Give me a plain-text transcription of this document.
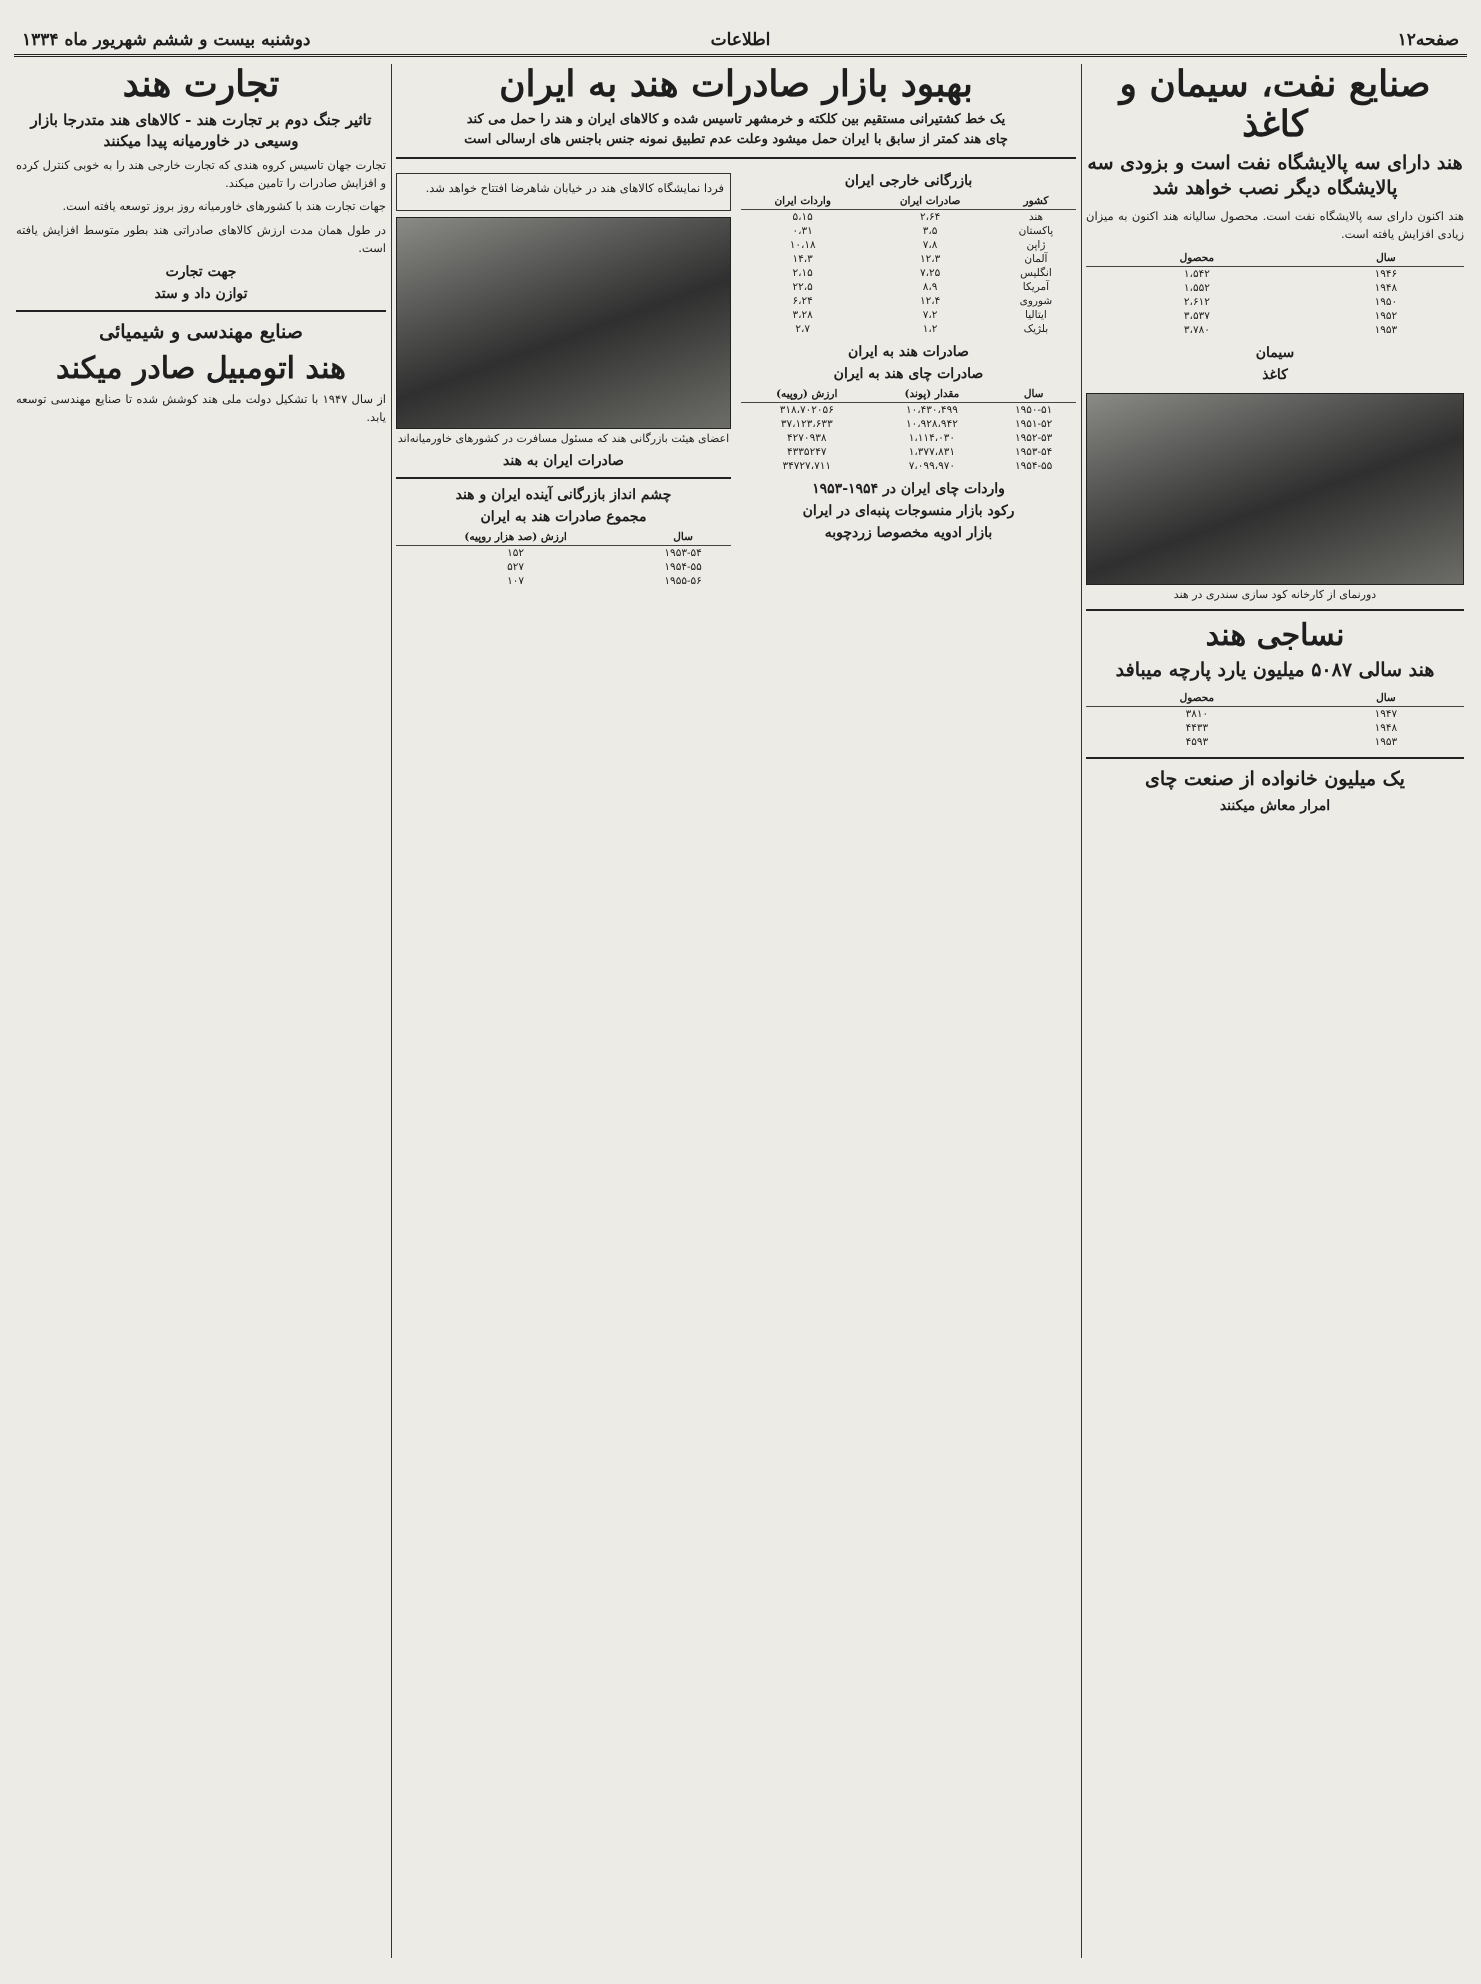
صفحه۱۲
اطلاعات
دوشنبه بیست و ششم شهریور ماه ۱۳۳۴
صنایع نفت، سیمان و کاغذ
هند دارای سه پالایشگاه نفت است و بزودی سه پالایشگاه دیگر نصب خواهد شد

هند اکنون دارای سه پالایشگاه نفت است. محصول سالیانه هند اکنون به میزان زیادی افزایش یافته است.

سال	محصول
۱۹۴۶	۱،۵۴۲
۱۹۴۸	۱،۵۵۲
۱۹۵۰	۲،۶۱۲
۱۹۵۲	۳،۵۳۷
۱۹۵۳	۳،۷۸۰
سیمان
کاغذ
دورنمای از کارخانه کود سازی سندری در هند
نساجی هند
هند سالی ۵۰۸۷ میلیون یارد پارچه میبافد
سال	محصول
۱۹۴۷	۳۸۱۰
۱۹۴۸	۴۴۳۳
۱۹۵۳	۴۵۹۳
یک میلیون خانواده از صنعت چای
امرار معاش میکنند
بهبود بازار صادرات هند به ایران
یک خط کشتیرانی مستقیم بین کلکته و خرمشهر تاسیس شده و کالاهای ایران و هند را حمل می کند
چای هند کمتر از سابق با ایران حمل میشود وعلت عدم تطبیق نمونه جنس باجنس های ارسالی است
بازرگانی خارجی ایران
کشور	صادرات ایران	واردات ایران
هند	۲،۶۴	۵،۱۵
پاکستان	۳،۵	۰،۳۱
ژاپن	۷،۸	۱۰،۱۸
آلمان	۱۲،۳	۱۴،۳
انگلیس	۷،۲۵	۲،۱۵
آمریکا	۸،۹	۲۲،۵
شوروی	۱۲،۴	۶،۲۴
ایتالیا	۷،۲	۳،۲۸
بلژیک	۱،۲	۲،۷
صادرات هند به ایران
صادرات چای هند به ایران
سال	مقدار (پوند)	ارزش (روپیه)
۱۹۵۰-۵۱	۱۰،۴۳۰،۴۹۹	۳۱۸،۷۰۲۰۵۶
۱۹۵۱-۵۲	۱۰،۹۲۸،۹۴۲	۳۷،۱۲۳،۶۳۳
۱۹۵۲-۵۳	۱،۱۱۴،۰۳۰	۴۲۷۰۹۳۸
۱۹۵۳-۵۴	۱،۳۷۷،۸۳۱	۴۳۳۵۲۴۷
۱۹۵۴-۵۵	۷،۰۹۹،۹۷۰	۳۴۷۲۷،۷۱۱
واردات چای ایران در ۱۹۵۴-۱۹۵۳
رکود بازار منسوجات پنبه‌ای در ایران
بازار ادویه مخصوصا زردچوبه

فردا نمایشگاه کالاهای هند در خیابان شاهرضا افتتاح خواهد شد.

اعضای هیئت بازرگانی هند که مسئول مسافرت در کشورهای خاورمیانه‌اند
صادرات ایران به هند
چشم انداز بازرگانی آینده ایران و هند
مجموع صادرات هند به ایران
سال	ارزش (صد هزار روپیه)
۱۹۵۳-۵۴	۱۵۲
۱۹۵۴-۵۵	۵۲۷
۱۹۵۵-۵۶	۱۰۷
تجارت هند
تاثیر جنگ دوم بر تجارت هند - کالاهای هند متدرجا بازار وسیعی در خاورمیانه پیدا میکنند

تجارت جهان تاسیس کروه هندی که تجارت خارجی هند را به خوبی کنترل کرده و افزایش صادرات را تامین میکند.

جهات تجارت هند با کشورهای خاورمیانه روز بروز توسعه یافته است.

در طول همان مدت ارزش کالاهای صادراتی هند بطور متوسط افزایش یافته است.

جهت تجارت
توازن داد و ستد
صنایع مهندسی و شیمیائی
هند اتومبیل صادر میکند

از سال ۱۹۴۷ با تشکیل دولت ملی هند کوشش شده تا صنایع مهندسی توسعه یابد.
